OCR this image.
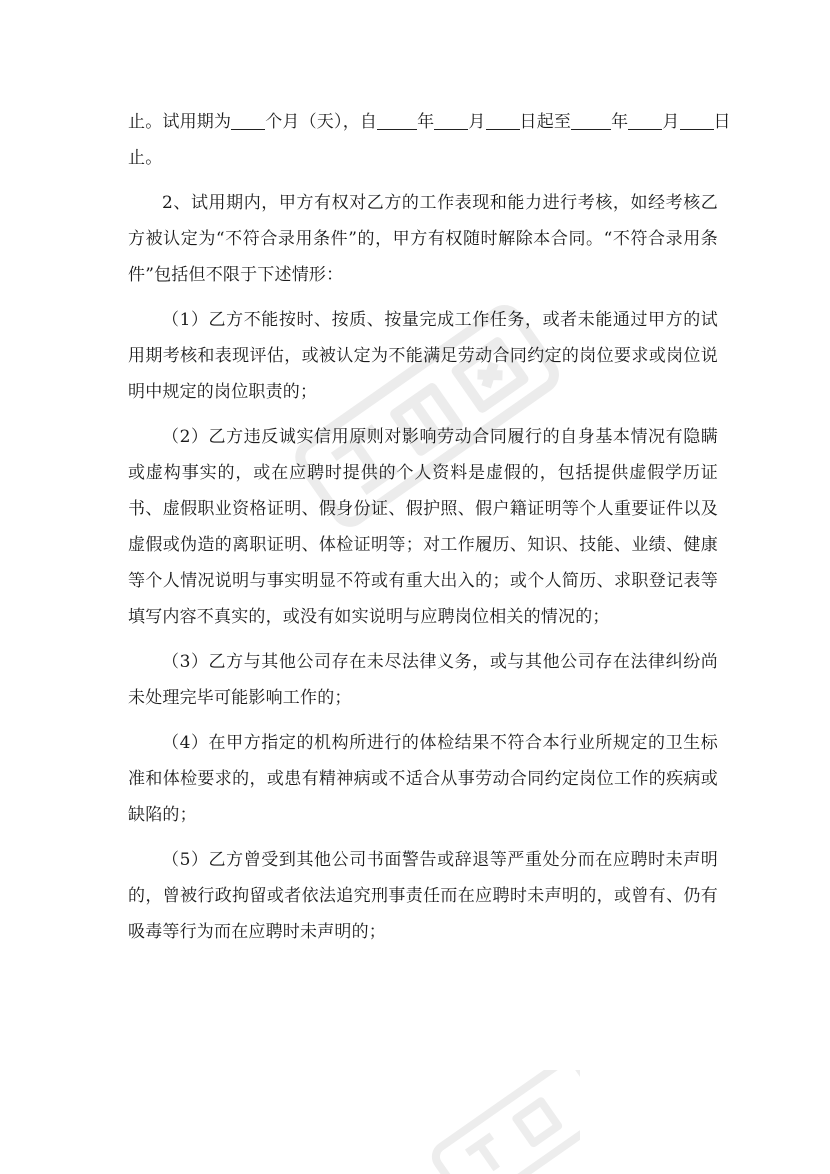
止。试用期为 个月（天），自 年 月 日起至 年 月 日

止。

2、试用期内，甲方有权对乙方的工作表现和能力进行考核，如经考核乙方被认定为“不符合录用条件”的，甲方有权随时解除本合同。“不符合录用条件”包括但不限于下述情形：

（1）乙方不能按时、按质、按量完成工作任务，或者未能通过甲方的试用期考核和表现评估，或被认定为不能满足劳动合同约定的岗位要求或岗位说明中规定的岗位职责的；

（2）乙方违反诚实信用原则对影响劳动合同履行的自身基本情况有隐瞒或虚构事实的，或在应聘时提供的个人资料是虚假的，包括提供虚假学历证书、虚假职业资格证明、假身份证、假护照、假户籍证明等个人重要证件以及虚假或伪造的离职证明、体检证明等；对工作履历、知识、技能、业绩、健康等个人情况说明与事实明显不符或有重大出入的；或个人简历、求职登记表等填写内容不真实的，或没有如实说明与应聘岗位相关的情况的；

（3）乙方与其他公司存在未尽法律义务，或与其他公司存在法律纠纷尚未处理完毕可能影响工作的；

（4）在甲方指定的机构所进行的体检结果不符合本行业所规定的卫生标准和体检要求的，或患有精神病或不适合从事劳动合同约定岗位工作的疾病或缺陷的；

（5）乙方曾受到其他公司书面警告或辞退等严重处分而在应聘时未声明的，曾被行政拘留或者依法追究刑事责任而在应聘时未声明的，或曾有、仍有吸毒等行为而在应聘时未声明的；
